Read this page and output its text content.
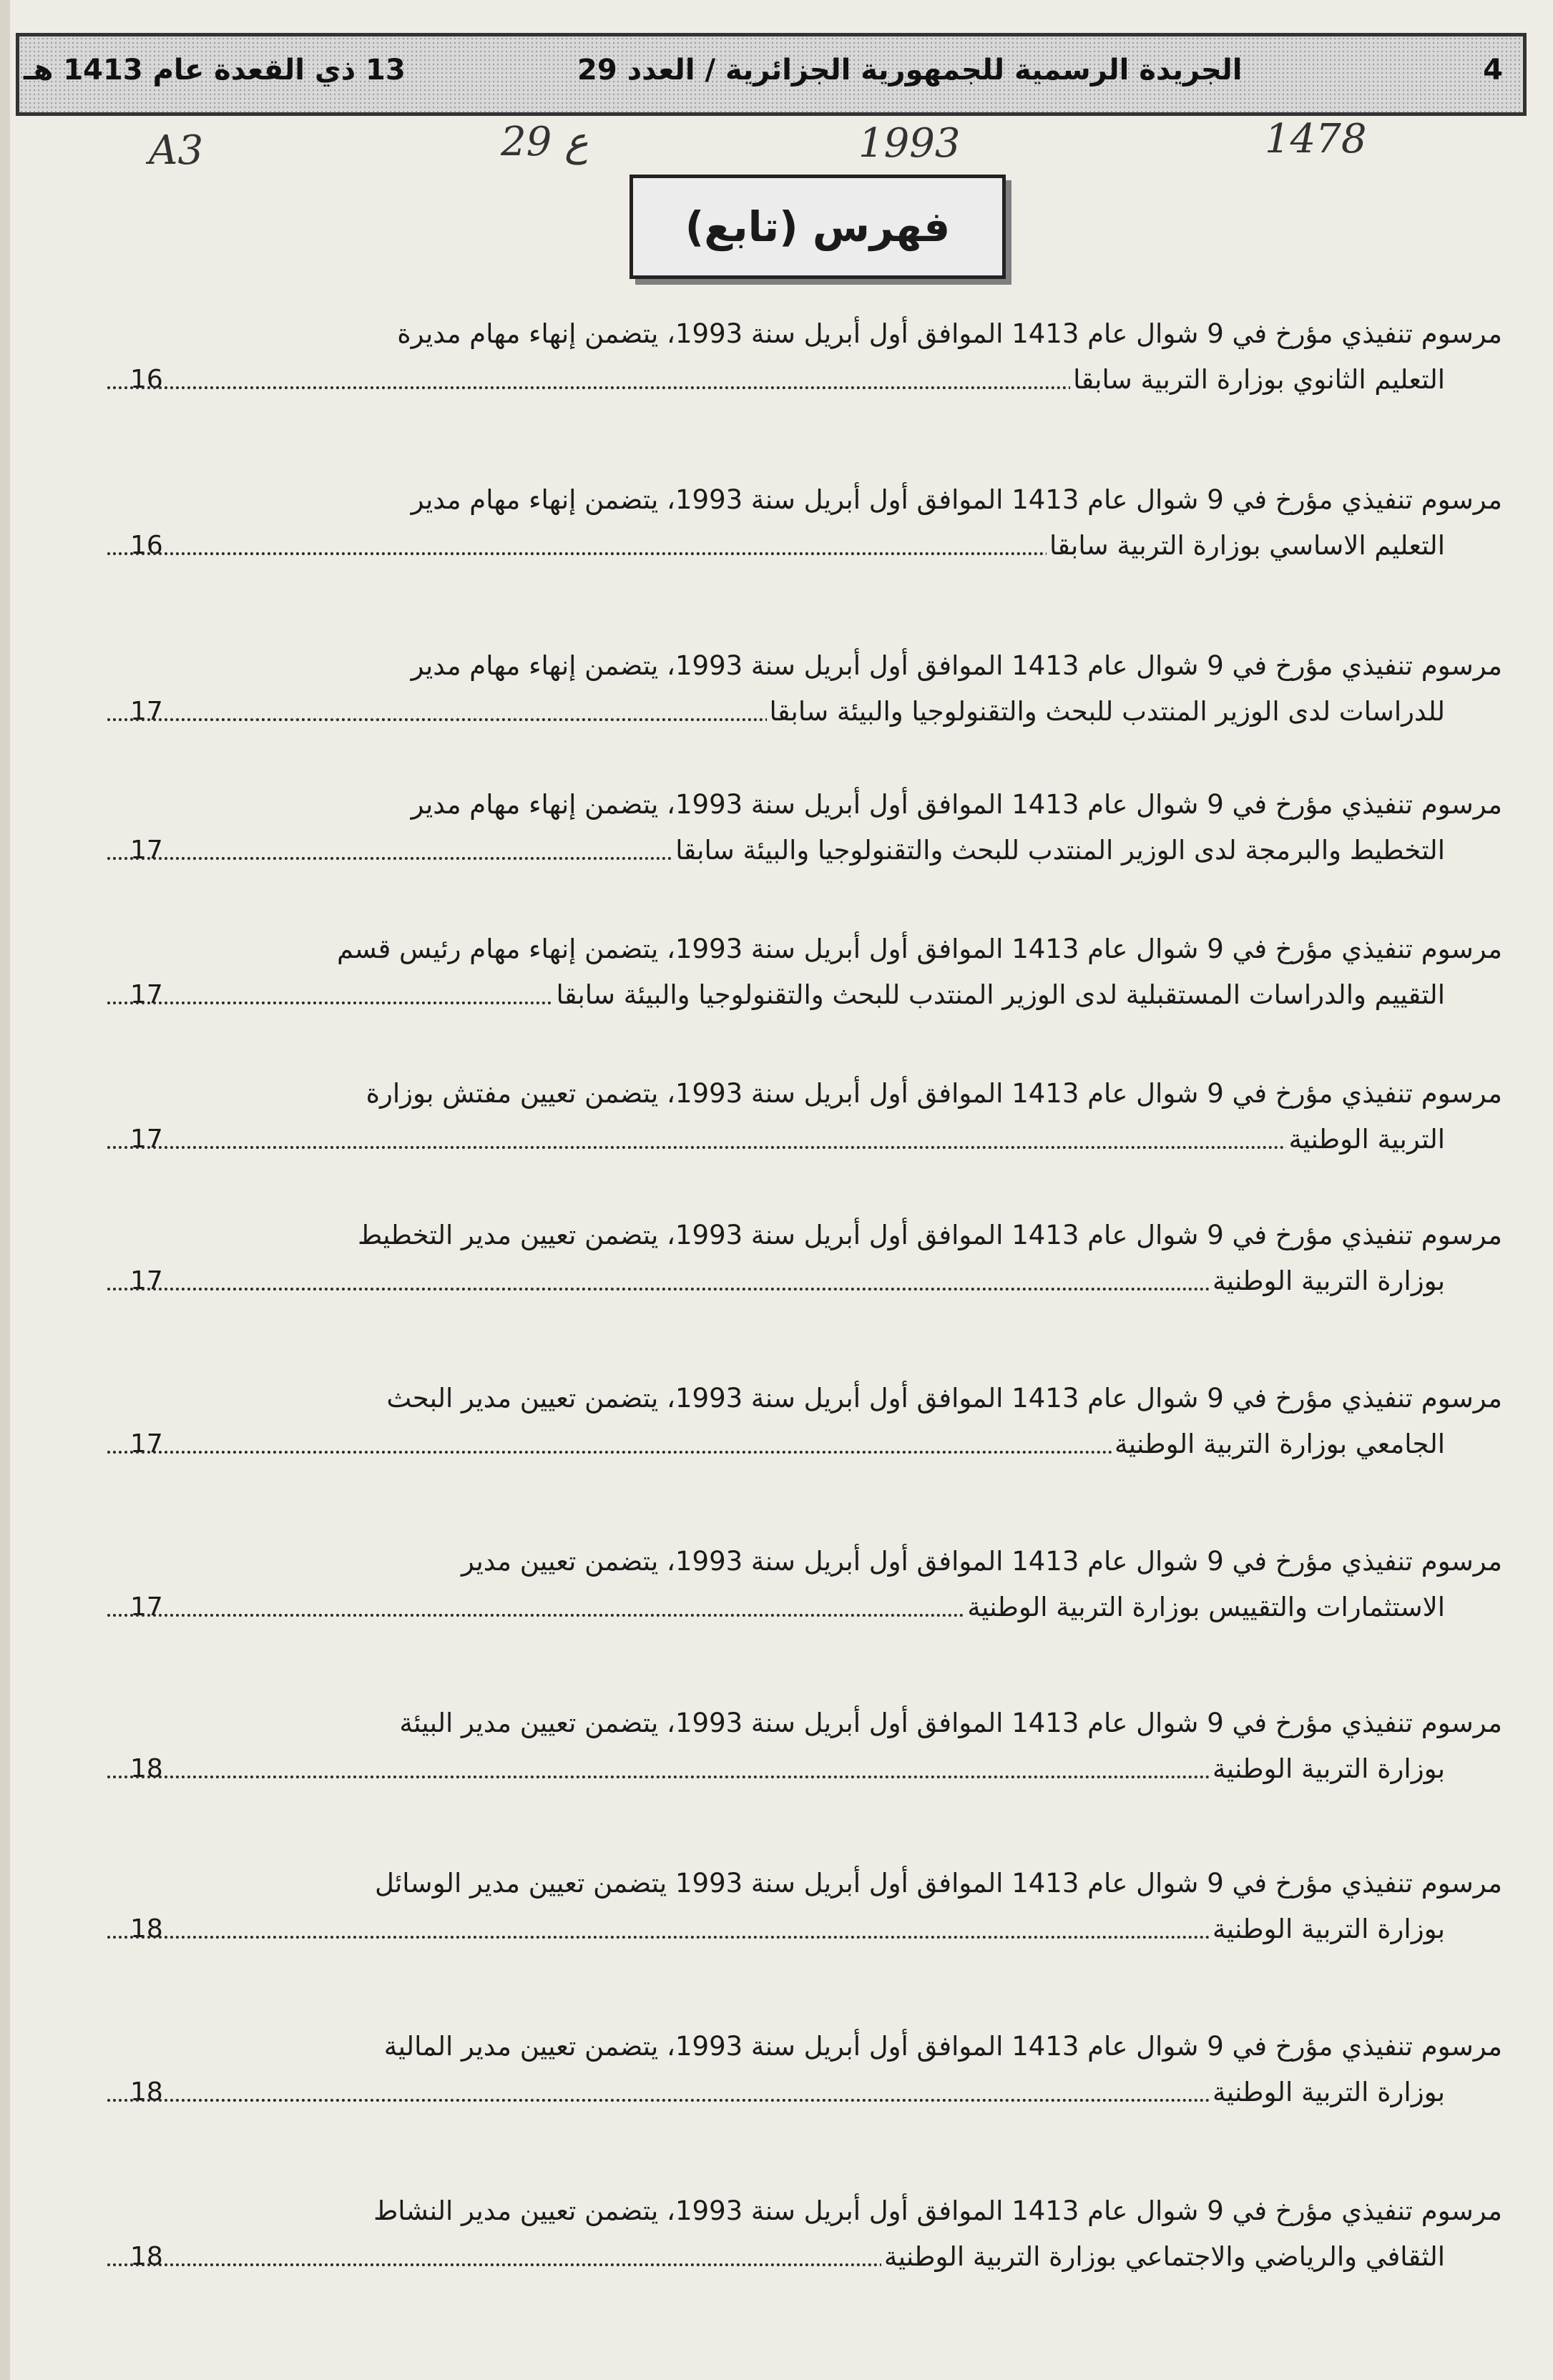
13 ذي القعدة عام 1413 هـ	الجريدة الرسمية للجمهورية الجزائرية / العدد 29	4
A3	29 ع	1993	1478
فهرس (تابع)
مرسوم تنفيذي مؤرخ في 9 شوال عام 1413 الموافق أول أبريل سنة 1993، يتضمن إنهاء مهام مديرة
التعليم الثانوي بوزارة التربية سابقا
16
مرسوم تنفيذي مؤرخ في 9 شوال عام 1413 الموافق أول أبريل سنة 1993، يتضمن إنهاء مهام مدير
التعليم الاساسي بوزارة التربية سابقا
16
مرسوم تنفيذي مؤرخ في 9 شوال عام 1413 الموافق أول أبريل سنة 1993، يتضمن إنهاء مهام مدير
للدراسات لدى الوزير المنتدب للبحث والتقنولوجيا والبيئة سابقا
17
مرسوم تنفيذي مؤرخ في 9 شوال عام 1413 الموافق أول أبريل سنة 1993، يتضمن إنهاء مهام مدير
التخطيط والبرمجة لدى الوزير المنتدب للبحث والتقنولوجيا والبيئة سابقا
17
مرسوم تنفيذي مؤرخ في 9 شوال عام 1413 الموافق أول أبريل سنة 1993، يتضمن إنهاء مهام رئيس قسم
التقييم والدراسات المستقبلية لدى الوزير المنتدب للبحث والتقنولوجيا والبيئة سابقا
17
مرسوم تنفيذي مؤرخ في 9 شوال عام 1413 الموافق أول أبريل سنة 1993، يتضمن تعيين مفتش بوزارة
التربية الوطنية
17
مرسوم تنفيذي مؤرخ في 9 شوال عام 1413 الموافق أول أبريل سنة 1993، يتضمن تعيين مدير التخطيط
بوزارة التربية الوطنية
17
مرسوم تنفيذي مؤرخ في 9 شوال عام 1413 الموافق أول أبريل سنة 1993، يتضمن تعيين مدير البحث
الجامعي بوزارة التربية الوطنية
17
مرسوم تنفيذي مؤرخ في 9 شوال عام 1413 الموافق أول أبريل سنة 1993، يتضمن تعيين مدير
الاستثمارات والتقييس بوزارة التربية الوطنية
17
مرسوم تنفيذي مؤرخ في 9 شوال عام 1413 الموافق أول أبريل سنة 1993، يتضمن تعيين مدير البيئة
بوزارة التربية الوطنية
18
مرسوم تنفيذي مؤرخ في 9 شوال عام 1413 الموافق أول أبريل سنة 1993 يتضمن تعيين مدير الوسائل
بوزارة التربية الوطنية
18
مرسوم تنفيذي مؤرخ في 9 شوال عام 1413 الموافق أول أبريل سنة 1993، يتضمن تعيين مدير المالية
بوزارة التربية الوطنية
18
مرسوم تنفيذي مؤرخ في 9 شوال عام 1413 الموافق أول أبريل سنة 1993، يتضمن تعيين مدير النشاط
الثقافي والرياضي والاجتماعي بوزارة التربية الوطنية
18
